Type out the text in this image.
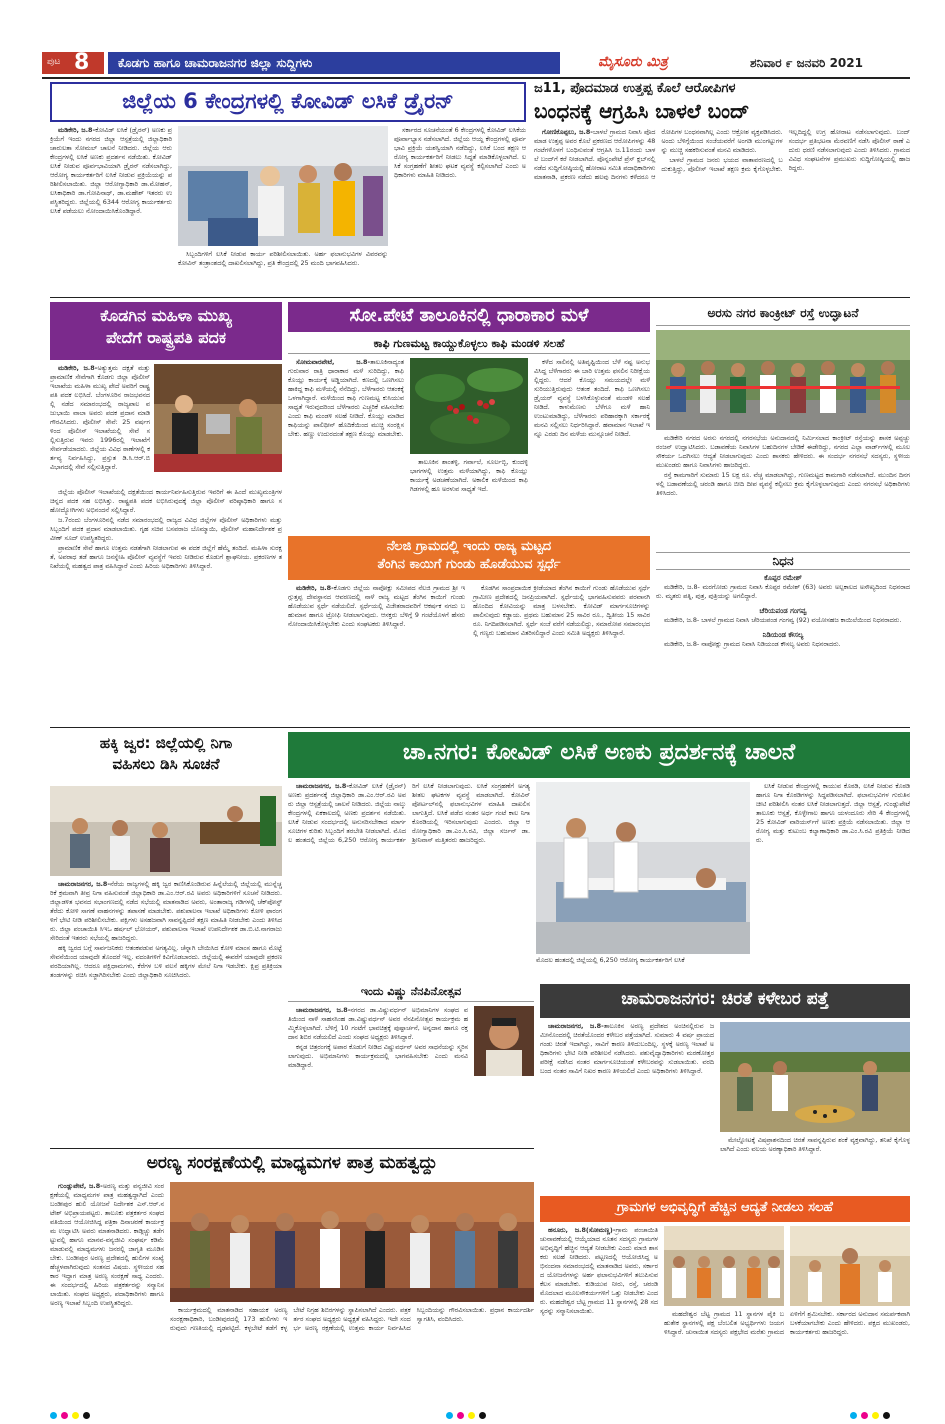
ಪುಟ 8 ಕೊಡಗು ಹಾಗೂ ಚಾಮರಾಜನಗರ ಜಿಲ್ಲಾ ಸುದ್ದಿಗಳು	ಮೈಸೂರು ಮಿತ್ರ	ಶನಿವಾರ ೯ ಜನವರಿ 2021
ಜಿಲ್ಲೆಯ 6 ಕೇಂದ್ರಗಳಲ್ಲಿ ಕೋವಿಡ್ ಲಸಿಕೆ ಡ್ರೈರನ್

ಮಡಿಕೇರಿ, ಜ.8-ಕೋವಿಡ್ ಲಸಿಕೆ (ಡ್ರೈರನ್) ಅಣಕು ಪ್ರಕ್ರಿಯೆಗೆ ಇಂದು ನಗರದ ಜಿಲ್ಲಾ ಆಸ್ಪತ್ರೆಯಲ್ಲಿ ಜಿಲ್ಲಾಧಿಕಾರಿ ಚಾರುಲತಾ ಸೋಮಲ್ ಚಾಲನೆ ನೀಡಿದರು. ಜಿಲ್ಲೆಯ ಆರು ಕೇಂದ್ರಗಳಲ್ಲಿ ಲಸಿಕೆ ಅಣಕು ಪ್ರದರ್ಶನ ನಡೆಯಿತು. ಕೋವಿಡ್ ಲಸಿಕೆ ನೀಡುವ ಪೂರ್ವಭಾವಿಯಾಗಿ ಡ್ರೈರನ್ ನಡೆಸಲಾಗಿದ್ದು, ಆರೋಗ್ಯ ಕಾರ್ಯಕರ್ತರಿಗೆ ಲಸಿಕೆ ನೀಡುವ ಪ್ರಕ್ರಿಯೆಯನ್ನು ಪರಿಶೀಲಿಸಲಾಯಿತು. ಜಿಲ್ಲಾ ಆರೋಗ್ಯಾಧಿಕಾರಿ ಡಾ.ಮೋಹನ್, ಲಸಿಕಾಧಿಕಾರಿ ಡಾ.ಗೋಪಿನಾಥ್, ಡಾ.ಮಹೇಶ್ ಇತರರು ಉಪಸ್ಥಿತರಿದ್ದರು. ಜಿಲ್ಲೆಯಲ್ಲಿ 6344 ಆರೋಗ್ಯ ಕಾರ್ಯಕರ್ತರು ಲಸಿಕೆ ಪಡೆಯಲು ನೋಂದಾಯಿಸಿಕೊಂಡಿದ್ದಾರೆ.

ಸಿಬ್ಬಂದಿಗಳಿಗೆ ಲಸಿಕೆ ನೀಡುವ ಕಾರ್ಯ ಪರಿಶೀಲಿಸಲಾಯಿತು. ಅರ್ಹ ಫಲಾನುಭವಿಗಳ ವಿವರವನ್ನು ಕೋವಿನ್ ತಂತ್ರಾಂಶದಲ್ಲಿ ದಾಖಲಿಸಲಾಗಿದ್ದು, ಪ್ರತಿ ಕೇಂದ್ರದಲ್ಲಿ 25 ಮಂದಿ ಭಾಗವಹಿಸಿದರು.

ಸರ್ಕಾರದ ಸೂಚನೆಯಂತೆ 6 ಕೇಂದ್ರಗಳಲ್ಲಿ ಕೋವಿಡ್ ಲಸಿಕೆಯ ಪೂರ್ವಾಭ್ಯಾಸ ನಡೆಸಲಾಗಿದೆ. ಜಿಲ್ಲೆಯ ಆಯ್ದ ಕೇಂದ್ರಗಳಲ್ಲಿ ಪೂರ್ವಭಾವಿ ಪ್ರಕ್ರಿಯೆ ಯಶಸ್ವಿಯಾಗಿ ನಡೆದಿದ್ದು, ಲಸಿಕೆ ಬಂದ ತಕ್ಷಣ ಆರೋಗ್ಯ ಕಾರ್ಯಕರ್ತರಿಗೆ ನೀಡಲು ಸಿದ್ಧತೆ ಮಾಡಿಕೊಳ್ಳಲಾಗಿದೆ. ಲಸಿಕೆ ಸಂಗ್ರಹಣೆಗೆ ಶೀತಲ ಘಟಕ ವ್ಯವಸ್ಥೆ ಕಲ್ಪಿಸಲಾಗಿದೆ ಎಂದು ಅಧಿಕಾರಿಗಳು ಮಾಹಿತಿ ನೀಡಿದರು.

ಜ11, ಪೊದಮಾಡ ಉತ್ತಪ್ಪ ಕೊಲೆ ಆರೋಪಿಗಳ
ಬಂಧನಕ್ಕೆ ಆಗ್ರಹಿಸಿ ಬಾಳಲೆ ಬಂದ್

ಗೋಣಿಕೊಪ್ಪಲು, ಜ.8-ಬಾಳಲೆ ಗ್ರಾಮದ ನಿವಾಸಿ ಪೊದಮಾಡ ಉತ್ತಪ್ಪ ಅವರ ಕೊಲೆ ಪ್ರಕರಣದ ಆರೋಪಿಗಳನ್ನು 48 ಗಂಟೆಗಳೊಳಗೆ ಬಂಧಿಸುವಂತೆ ಆಗ್ರಹಿಸಿ ಜ.11ರಂದು ಬಾಳಲೆ ಬಂದ್‌ಗೆ ಕರೆ ನೀಡಲಾಗಿದೆ. ಪೊನ್ನಂಪೇಟೆ ಪ್ರೆಸ್ ಕ್ಲಬ್‌ನಲ್ಲಿ ನಡೆದ ಸುದ್ದಿಗೋಷ್ಠಿಯಲ್ಲಿ ಹೋರಾಟ ಸಮಿತಿ ಪದಾಧಿಕಾರಿಗಳು ಮಾತನಾಡಿ, ಪ್ರಕರಣ ನಡೆದು ಹಲವು ದಿನಗಳು ಕಳೆದರೂ ಆರೋಪಿಗಳ ಬಂಧನವಾಗಿಲ್ಲ ಎಂದು ಆಕ್ರೋಶ ವ್ಯಕ್ತಪಡಿಸಿದರು. ಅಂದು ಬೆಳಿಗ್ಗೆಯಿಂದ ಸಂಜೆಯವರೆಗೆ ಅಂಗಡಿ ಮುಂಗಟ್ಟುಗಳನ್ನು ಮುಚ್ಚಿ ಸಹಕರಿಸುವಂತೆ ಮನವಿ ಮಾಡಿದರು.

ಬಾಳಲೆ ಗ್ರಾಮದ ಜನರು ಭಯದ ವಾತಾವರಣದಲ್ಲಿ ಬದುಕುತ್ತಿದ್ದು, ಪೊಲೀಸ್ ಇಲಾಖೆ ತಕ್ಷಣ ಕ್ರಮ ಕೈಗೊಳ್ಳಬೇಕು. ಇಲ್ಲದಿದ್ದಲ್ಲಿ ಉಗ್ರ ಹೋರಾಟ ನಡೆಸಲಾಗುವುದು. ಬಂದ್ ಸಂದರ್ಭ ಪ್ರತಿಭಟನಾ ಮೆರವಣಿಗೆ ನಡೆಸಿ ಪೊಲೀಸ್ ಠಾಣೆ ಎದುರು ಧರಣಿ ನಡೆಸಲಾಗುವುದು ಎಂದು ತಿಳಿಸಿದರು. ಗ್ರಾಮದ ವಿವಿಧ ಸಂಘಟನೆಗಳ ಪ್ರಮುಖರು ಸುದ್ದಿಗೋಷ್ಠಿಯಲ್ಲಿ ಹಾಜರಿದ್ದರು.

ಕೊಡಗಿನ ಮಹಿಳಾ ಮುಖ್ಯ
ಪೇದೆಗೆ ರಾಷ್ಟ್ರಪತಿ ಪದಕ

ಮಡಿಕೇರಿ, ಜ.8-ಅತ್ಯುತ್ತಮ ದಕ್ಷತೆ ಮತ್ತು ಪ್ರಾಮಾಣಿಕ ಸೇವೆಗಾಗಿ ಕೊಡಗು ಜಿಲ್ಲಾ ಪೊಲೀಸ್ ಇಲಾಖೆಯ ಮಹಿಳಾ ಮುಖ್ಯ ಪೇದೆ ಅವರಿಗೆ ರಾಷ್ಟ್ರಪತಿ ಪದಕ ಲಭಿಸಿದೆ. ಬೆಂಗಳೂರಿನ ರಾಜಭವನದಲ್ಲಿ ನಡೆದ ಸಮಾರಂಭದಲ್ಲಿ ರಾಜ್ಯಪಾಲ ವಜುಭಾಯಿ ವಾಲಾ ಅವರು ಪದಕ ಪ್ರದಾನ ಮಾಡಿ ಗೌರವಿಸಿದರು. ಪೊಲೀಸ್ ಸೇವೆ: 25 ವರ್ಷಗಳಿಂದ ಪೊಲೀಸ್ ಇಲಾಖೆಯಲ್ಲಿ ಸೇವೆ ಸಲ್ಲಿಸುತ್ತಿರುವ ಇವರು 1996ರಲ್ಲಿ ಇಲಾಖೆಗೆ ಸೇರ್ಪಡೆಯಾದರು. ಜಿಲ್ಲೆಯ ವಿವಿಧ ಠಾಣೆಗಳಲ್ಲಿ ಕರ್ತವ್ಯ ನಿರ್ವಹಿಸಿದ್ದು, ಪ್ರಸ್ತುತ ಡಿ.ಸಿ.ಆರ್.ಬಿ ವಿಭಾಗದಲ್ಲಿ ಸೇವೆ ಸಲ್ಲಿಸುತ್ತಿದ್ದಾರೆ.

ಜಿಲ್ಲೆಯ ಪೊಲೀಸ್ ಇಲಾಖೆಯಲ್ಲಿ ದಕ್ಷತೆಯಿಂದ ಕಾರ್ಯನಿರ್ವಹಿಸುತ್ತಿರುವ ಇವರಿಗೆ ಈ ಹಿಂದೆ ಮುಖ್ಯಮಂತ್ರಿಗಳ ಚಿನ್ನದ ಪದಕ ಸಹ ಲಭಿಸಿತ್ತು. ರಾಷ್ಟ್ರಪತಿ ಪದಕ ಲಭಿಸಿರುವುದಕ್ಕೆ ಜಿಲ್ಲಾ ಪೊಲೀಸ್ ವರಿಷ್ಠಾಧಿಕಾರಿ ಹಾಗೂ ಸಹೋದ್ಯೋಗಿಗಳು ಅಭಿನಂದನೆ ಸಲ್ಲಿಸಿದ್ದಾರೆ.

ಜ.7ರಂದು ಬೆಂಗಳೂರಿನಲ್ಲಿ ನಡೆದ ಸಮಾರಂಭದಲ್ಲಿ ರಾಜ್ಯದ ವಿವಿಧ ಜಿಲ್ಲೆಗಳ ಪೊಲೀಸ್ ಅಧಿಕಾರಿಗಳು ಮತ್ತು ಸಿಬ್ಬಂದಿಗೆ ಪದಕ ಪ್ರದಾನ ಮಾಡಲಾಯಿತು. ಗೃಹ ಸಚಿವ ಬಸವರಾಜ ಬೊಮ್ಮಾಯಿ, ಪೊಲೀಸ್ ಮಹಾನಿರ್ದೇಶಕ ಪ್ರವೀಣ್ ಸೂದ್ ಉಪಸ್ಥಿತರಿದ್ದರು.

ಪ್ರಾಮಾಣಿಕ ಸೇವೆ ಹಾಗೂ ಉತ್ತಮ ನಡತೆಗಾಗಿ ನೀಡಲಾಗುವ ಈ ಪದಕ ಜಿಲ್ಲೆಗೆ ಹೆಮ್ಮೆ ತಂದಿದೆ. ಮಹಿಳಾ ಸುರಕ್ಷತೆ, ಅಪರಾಧ ತಡೆ ಹಾಗೂ ಜನಸ್ನೇಹಿ ಪೊಲೀಸ್ ವ್ಯವಸ್ಥೆಗೆ ಇವರು ನೀಡಿರುವ ಕೊಡುಗೆ ಶ್ಲಾಘನೀಯ. ಪ್ರಕರಣಗಳ ತನಿಖೆಯಲ್ಲಿ ಮಹತ್ವದ ಪಾತ್ರ ವಹಿಸಿದ್ದಾರೆ ಎಂದು ಹಿರಿಯ ಅಧಿಕಾರಿಗಳು ತಿಳಿಸಿದ್ದಾರೆ.

ಸೋ.ಪೇಟೆ ತಾಲೂಕಿನಲ್ಲಿ ಧಾರಾಕಾರ ಮಳೆ
ಕಾಫಿ ಗುಣಮಟ್ಟ ಕಾಯ್ದುಕೊಳ್ಳಲು ಕಾಫಿ ಮಂಡಳಿ ಸಲಹೆ

ಸೋಮವಾರಪೇಟೆ, ಜ.8-ತಾಲೂಕಿನಾದ್ಯಂತ ಗುರುವಾರ ರಾತ್ರಿ ಧಾರಾಕಾರ ಮಳೆ ಸುರಿದಿದ್ದು, ಕಾಫಿ ಕೊಯ್ಲು ಕಾರ್ಯಕ್ಕೆ ಅಡ್ಡಿಯಾಗಿದೆ. ಕಣದಲ್ಲಿ ಒಣಗಿಸಲು ಹಾಕಿದ್ದ ಕಾಫಿ ಮಳೆಯಲ್ಲಿ ನೆನೆದಿದ್ದು, ಬೆಳೆಗಾರರು ಆತಂಕಕ್ಕೆ ಒಳಗಾಗಿದ್ದಾರೆ. ಮಳೆಯಿಂದ ಕಾಫಿ ಗುಣಮಟ್ಟ ಕುಸಿಯುವ ಸಾಧ್ಯತೆ ಇರುವುದರಿಂದ ಬೆಳೆಗಾರರು ಎಚ್ಚರಿಕೆ ವಹಿಸಬೇಕು ಎಂದು ಕಾಫಿ ಮಂಡಳಿ ಸಲಹೆ ನೀಡಿದೆ. ಕೊಯ್ಲು ಮಾಡಿದ ಕಾಫಿಯನ್ನು ಪಾಲಿಥೀನ್ ಹೊದಿಕೆಯಿಂದ ಮುಚ್ಚಿ ಸಂರಕ್ಷಿಸಬೇಕು. ಹಣ್ಣು ಉದುರದಂತೆ ತಕ್ಷಣ ಕೊಯ್ಲು ಮಾಡಬೇಕು.

ತಾಲೂಕಿನ ಶಾಂತಳ್ಳಿ, ಗರ್ವಾಲೆ, ಸೂರ್ಲಬ್ಬಿ, ಕುಂದಳ್ಳಿ ಭಾಗಗಳಲ್ಲಿ ಉತ್ತಮ ಮಳೆಯಾಗಿದ್ದು, ಕಾಫಿ ಕೊಯ್ಲು ಕಾರ್ಯಕ್ಕೆ ಅಡಚಣೆಯಾಗಿದೆ. ಅಕಾಲಿಕ ಮಳೆಯಿಂದ ಕಾಫಿ ಗಿಡಗಳಲ್ಲಿ ಹೂ ಅರಳುವ ಸಾಧ್ಯತೆ ಇದೆ.

ಕಳೆದ ಸಾಲಿನಲ್ಲಿ ಅತಿವೃಷ್ಟಿಯಿಂದ ಬೆಳೆ ನಷ್ಟ ಅನುಭವಿಸಿದ್ದ ಬೆಳೆಗಾರರು ಈ ಬಾರಿ ಉತ್ತಮ ಫಸಲಿನ ನಿರೀಕ್ಷೆಯಲ್ಲಿದ್ದರು. ಆದರೆ ಕೊಯ್ಲು ಸಮಯದಲ್ಲೇ ಮಳೆ ಸುರಿಯುತ್ತಿರುವುದು ಆತಂಕ ತಂದಿದೆ. ಕಾಫಿ ಒಣಗಿಸಲು ಡ್ರೈಯರ್ ವ್ಯವಸ್ಥೆ ಬಳಸಿಕೊಳ್ಳುವಂತೆ ಮಂಡಳಿ ಸಲಹೆ ನೀಡಿದೆ. ಕಾಳುಮೆಣಸು ಬೆಳೆಗೂ ಮಳೆ ಹಾನಿ ಉಂಟುಮಾಡಿದ್ದು, ಬೆಳೆಗಾರರು ಪರಿಹಾರಕ್ಕಾಗಿ ಸರ್ಕಾರಕ್ಕೆ ಮನವಿ ಸಲ್ಲಿಸಲು ನಿರ್ಧರಿಸಿದ್ದಾರೆ. ಹವಾಮಾನ ಇಲಾಖೆ ಇನ್ನೂ ಎರಡು ದಿನ ಮಳೆಯ ಮುನ್ಸೂಚನೆ ನೀಡಿದೆ.

ನೆಲಜಿ ಗ್ರಾಮದಲ್ಲಿ ಇಂದು ರಾಜ್ಯ ಮಟ್ಟದ
ತೆಂಗಿನ ಕಾಯಿಗೆ ಗುಂಡು ಹೊಡೆಯುವ ಸ್ಪರ್ಧೆ

ಮಡಿಕೇರಿ, ಜ.8-ಕೊಡಗು ಜಿಲ್ಲೆಯ ನಾಪೋಕ್ಲು ಸಮೀಪದ ನೆಲಜಿ ಗ್ರಾಮದ ಶ್ರೀ ಇಗ್ಗುತ್ತಪ್ಪ ದೇವಸ್ಥಾನದ ಆವರಣದಲ್ಲಿ ನಾಳೆ ರಾಜ್ಯ ಮಟ್ಟದ ತೆಂಗಿನ ಕಾಯಿಗೆ ಗುಂಡು ಹೊಡೆಯುವ ಸ್ಪರ್ಧೆ ನಡೆಯಲಿದೆ. ಸ್ಪರ್ಧೆಯಲ್ಲಿ ವಿಜೇತರಾದವರಿಗೆ ಆಕರ್ಷಕ ನಗದು ಬಹುಮಾನ ಹಾಗೂ ಟ್ರೋಫಿ ನೀಡಲಾಗುವುದು. ಆಸಕ್ತರು ಬೆಳಿಗ್ಗೆ 9 ಗಂಟೆಯೊಳಗೆ ಹೆಸರು ನೋಂದಾಯಿಸಿಕೊಳ್ಳಬೇಕು ಎಂದು ಸಂಘಟಕರು ತಿಳಿಸಿದ್ದಾರೆ.

ಕೊಡಗಿನ ಸಾಂಪ್ರದಾಯಿಕ ಕ್ರೀಡೆಯಾದ ತೆಂಗಿನ ಕಾಯಿಗೆ ಗುಂಡು ಹೊಡೆಯುವ ಸ್ಪರ್ಧೆ ಗ್ರಾಮೀಣ ಪ್ರದೇಶದಲ್ಲಿ ಜನಪ್ರಿಯವಾಗಿದೆ. ಸ್ಪರ್ಧೆಯಲ್ಲಿ ಭಾಗವಹಿಸುವವರು ಪರವಾನಗಿ ಹೊಂದಿದ ಕೋವಿಯನ್ನು ಮಾತ್ರ ಬಳಸಬೇಕು. ಕೋವಿಡ್ ಮಾರ್ಗಸೂಚಿಗಳನ್ನು ಪಾಲಿಸುವುದು ಕಡ್ಡಾಯ. ಪ್ರಥಮ ಬಹುಮಾನ 25 ಸಾವಿರ ರೂ., ದ್ವಿತೀಯ 15 ಸಾವಿರ ರೂ. ನಿಗದಿಪಡಿಸಲಾಗಿದೆ. ಸ್ಪರ್ಧೆ ಸಂಜೆ ವರೆಗೆ ನಡೆಯಲಿದ್ದು, ಸಮಾರೋಪ ಸಮಾರಂಭದಲ್ಲಿ ಗಣ್ಯರು ಬಹುಮಾನ ವಿತರಿಸಲಿದ್ದಾರೆ ಎಂದು ಸಮಿತಿ ಅಧ್ಯಕ್ಷರು ತಿಳಿಸಿದ್ದಾರೆ.

ಅರಸು ನಗರ ಕಾಂಕ್ರೀಟ್ ರಸ್ತೆ ಉದ್ಘಾಟನೆ

ಮಡಿಕೇರಿ ನಗರದ ಅರಸು ನಗರದಲ್ಲಿ ನಗರಸಭೆಯ ಅನುದಾನದಲ್ಲಿ ನಿರ್ಮಿಸಲಾದ ಕಾಂಕ್ರೀಟ್ ರಸ್ತೆಯನ್ನು ಶಾಸಕ ಅಪ್ಪಚ್ಚು ರಂಜನ್ ಉದ್ಘಾಟಿಸಿದರು. ಬಡಾವಣೆಯ ನಿವಾಸಿಗಳ ಬಹುದಿನಗಳ ಬೇಡಿಕೆ ಈಡೇರಿದ್ದು, ನಗರದ ಎಲ್ಲಾ ವಾರ್ಡ್‌ಗಳಲ್ಲಿ ಮೂಲಸೌಕರ್ಯ ಒದಗಿಸಲು ಆದ್ಯತೆ ನೀಡಲಾಗುವುದು ಎಂದು ಶಾಸಕರು ಹೇಳಿದರು. ಈ ಸಂದರ್ಭ ನಗರಸಭೆ ಸದಸ್ಯರು, ಸ್ಥಳೀಯ ಮುಖಂಡರು ಹಾಗೂ ನಿವಾಸಿಗಳು ಹಾಜರಿದ್ದರು.

ರಸ್ತೆ ಕಾಮಗಾರಿಗೆ ಸುಮಾರು 15 ಲಕ್ಷ ರೂ. ವೆಚ್ಚ ಮಾಡಲಾಗಿದ್ದು, ಗುಣಮಟ್ಟದ ಕಾಮಗಾರಿ ನಡೆಸಲಾಗಿದೆ. ಮುಂದಿನ ದಿನಗಳಲ್ಲಿ ಬಡಾವಣೆಯಲ್ಲಿ ಚರಂಡಿ ಹಾಗೂ ಬೀದಿ ದೀಪ ವ್ಯವಸ್ಥೆ ಕಲ್ಪಿಸಲು ಕ್ರಮ ಕೈಗೊಳ್ಳಲಾಗುವುದು ಎಂದು ನಗರಸಭೆ ಅಧಿಕಾರಿಗಳು ತಿಳಿಸಿದರು.

ನಿಧನ
ಕೊಪ್ಪರ ರಮೇಶ್

ಮಡಿಕೇರಿ, ಜ.8- ಮರಗೋಡು ಗ್ರಾಮದ ನಿವಾಸಿ ಕೊಪ್ಪರ ರಮೇಶ್ (63) ಅವರು ಅಲ್ಪಕಾಲದ ಅಸೌಖ್ಯದಿಂದ ನಿಧನರಾದರು. ಮೃತರು ಪತ್ನಿ, ಪುತ್ರ, ಪುತ್ರಿಯನ್ನು ಅಗಲಿದ್ದಾರೆ.

ಚೆರಿಯಪಂಡ ಗಂಗವ್ವ

ಮಡಿಕೇರಿ, ಜ.8- ಬಾಳಲೆ ಗ್ರಾಮದ ನಿವಾಸಿ ಚೆರಿಯಪಂಡ ಗಂಗವ್ವ (92) ವಯೋಸಹಜ ಕಾಯಿಲೆಯಿಂದ ನಿಧನರಾದರು.

ನಿಡಿಯಂಡ ಕೌಸಲ್ಯ

ಮಡಿಕೇರಿ, ಜ.8- ನಾಪೋಕ್ಲು ಗ್ರಾಮದ ನಿವಾಸಿ ನಿಡಿಯಂಡ ಕೌಸಲ್ಯ ಅವರು ನಿಧನರಾದರು.

ಹಕ್ಕಿ ಜ್ವರ: ಜಿಲ್ಲೆಯಲ್ಲಿ ನಿಗಾ
ವಹಿಸಲು ಡಿಸಿ ಸೂಚನೆ

ಚಾಮರಾಜನಗರ, ಜ.8-ನೆರೆಯ ರಾಜ್ಯಗಳಲ್ಲಿ ಹಕ್ಕಿ ಜ್ವರ ಕಾಣಿಸಿಕೊಂಡಿರುವ ಹಿನ್ನೆಲೆಯಲ್ಲಿ ಜಿಲ್ಲೆಯಲ್ಲಿ ಮುನ್ನೆಚ್ಚರಿಕೆ ಕ್ರಮವಾಗಿ ತೀವ್ರ ನಿಗಾ ವಹಿಸುವಂತೆ ಜಿಲ್ಲಾಧಿಕಾರಿ ಡಾ.ಎಂ.ಆರ್.ರವಿ ಅವರು ಅಧಿಕಾರಿಗಳಿಗೆ ಸೂಚನೆ ನೀಡಿದರು. ಜಿಲ್ಲಾಡಳಿತ ಭವನದ ಸಭಾಂಗಣದಲ್ಲಿ ನಡೆದ ಸಭೆಯಲ್ಲಿ ಮಾತನಾಡಿದ ಅವರು, ಅಂತಾರಾಜ್ಯ ಗಡಿಗಳಲ್ಲಿ ಚೆಕ್‌ಪೋಸ್ಟ್ ತೆರೆದು ಕೋಳಿ ಸಾಗಣೆ ವಾಹನಗಳನ್ನು ತಪಾಸಣೆ ಮಾಡಬೇಕು. ಪಶುಪಾಲನಾ ಇಲಾಖೆ ಅಧಿಕಾರಿಗಳು ಕೋಳಿ ಫಾರಂಗಳಿಗೆ ಭೇಟಿ ನೀಡಿ ಪರಿಶೀಲಿಸಬೇಕು. ಪಕ್ಷಿಗಳು ಅಸಹಜವಾಗಿ ಸಾವನ್ನಪ್ಪಿದರೆ ತಕ್ಷಣ ಮಾಹಿತಿ ನೀಡಬೇಕು ಎಂದು ತಿಳಿಸಿದರು. ಜಿಲ್ಲಾ ಪಂಚಾಯಿತಿ ಸಿಇಒ ಹರ್ಷಲ್ ಭೋಯರ್, ಪಶುಪಾಲನಾ ಇಲಾಖೆ ಉಪನಿರ್ದೇಶಕ ಡಾ.ಬಿ.ಟಿ.ನಾಗರಾಜು ಸೇರಿದಂತೆ ಇತರರು ಸಭೆಯಲ್ಲಿ ಹಾಜರಿದ್ದರು.

ಹಕ್ಕಿ ಜ್ವರದ ಬಗ್ಗೆ ಸಾರ್ವಜನಿಕರು ಆತಂಕಪಡುವ ಅಗತ್ಯವಿಲ್ಲ. ಚೆನ್ನಾಗಿ ಬೇಯಿಸಿದ ಕೋಳಿ ಮಾಂಸ ಹಾಗೂ ಮೊಟ್ಟೆ ಸೇವನೆಯಿಂದ ಯಾವುದೇ ತೊಂದರೆ ಇಲ್ಲ. ವದಂತಿಗಳಿಗೆ ಕಿವಿಗೊಡಬಾರದು. ಜಿಲ್ಲೆಯಲ್ಲಿ ಈವರೆಗೆ ಯಾವುದೇ ಪ್ರಕರಣ ವರದಿಯಾಗಿಲ್ಲ. ಆದರೂ ಪಕ್ಷಿಧಾಮಗಳು, ಕೆರೆಗಳ ಬಳಿ ವಲಸೆ ಹಕ್ಕಿಗಳ ಮೇಲೆ ನಿಗಾ ಇಡಬೇಕು. ಕ್ಷಿಪ್ರ ಪ್ರತಿಕ್ರಿಯಾ ತಂಡಗಳನ್ನು ರಚಿಸಿ ಸಜ್ಜಾಗಿರಿಸಬೇಕು ಎಂದು ಜಿಲ್ಲಾಧಿಕಾರಿ ಸೂಚಿಸಿದರು.

ಚಾ.ನಗರ: ಕೋವಿಡ್ ಲಸಿಕೆ ಅಣಕು ಪ್ರದರ್ಶನಕ್ಕೆ ಚಾಲನೆ

ಚಾಮರಾಜನಗರ, ಜ.8-ಕೋವಿಡ್ ಲಸಿಕೆ (ಡ್ರೈರನ್) ಅಣಕು ಪ್ರದರ್ಶನಕ್ಕೆ ಜಿಲ್ಲಾಧಿಕಾರಿ ಡಾ.ಎಂ.ಆರ್.ರವಿ ಅವರು ಜಿಲ್ಲಾ ಆಸ್ಪತ್ರೆಯಲ್ಲಿ ಚಾಲನೆ ನೀಡಿದರು. ಜಿಲ್ಲೆಯ ನಾಲ್ಕು ಕೇಂದ್ರಗಳಲ್ಲಿ ಏಕಕಾಲದಲ್ಲಿ ಅಣಕು ಪ್ರದರ್ಶನ ನಡೆಯಿತು. ಲಸಿಕೆ ನೀಡುವ ಸಂದರ್ಭದಲ್ಲಿ ಅನುಸರಿಸಬೇಕಾದ ಮಾರ್ಗಸೂಚಿಗಳ ಕುರಿತು ಸಿಬ್ಬಂದಿಗೆ ತರಬೇತಿ ನೀಡಲಾಗಿದೆ. ಮೊದಲ ಹಂತದಲ್ಲಿ ಜಿಲ್ಲೆಯ 6,250 ಆರೋಗ್ಯ ಕಾರ್ಯಕರ್ತರಿಗೆ ಲಸಿಕೆ ನೀಡಲಾಗುವುದು. ಲಸಿಕೆ ಸಂಗ್ರಹಣೆಗೆ ಅಗತ್ಯ ಶೀತಲ ಘಟಕಗಳ ವ್ಯವಸ್ಥೆ ಮಾಡಲಾಗಿದೆ. ಕೋವಿನ್ ಪೋರ್ಟಲ್‌ನಲ್ಲಿ ಫಲಾನುಭವಿಗಳ ಮಾಹಿತಿ ದಾಖಲಿಸಲಾಗುತ್ತಿದೆ. ಲಸಿಕೆ ಪಡೆದ ನಂತರ ಅರ್ಧ ಗಂಟೆ ಕಾಲ ನಿಗಾ ಕೊಠಡಿಯಲ್ಲಿ ಇರಿಸಲಾಗುವುದು ಎಂದರು. ಜಿಲ್ಲಾ ಆರೋಗ್ಯಾಧಿಕಾರಿ ಡಾ.ಎಂ.ಸಿ.ರವಿ, ಜಿಲ್ಲಾ ಸರ್ಜನ್ ಡಾ.ಶ್ರೀನಿವಾಸ್ ಮತ್ತಿತರರು ಹಾಜರಿದ್ದರು.

ಮೊದಲ ಹಂತದಲ್ಲಿ ಜಿಲ್ಲೆಯಲ್ಲಿ 6,250 ಆರೋಗ್ಯ ಕಾರ್ಯಕರ್ತರಿಗೆ ಲಸಿಕೆ

ಲಸಿಕೆ ನೀಡುವ ಕೇಂದ್ರಗಳಲ್ಲಿ ಕಾಯುವ ಕೊಠಡಿ, ಲಸಿಕೆ ನೀಡುವ ಕೊಠಡಿ ಹಾಗೂ ನಿಗಾ ಕೊಠಡಿಗಳನ್ನು ಸಿದ್ಧಪಡಿಸಲಾಗಿದೆ. ಫಲಾನುಭವಿಗಳ ಗುರುತಿನ ಚೀಟಿ ಪರಿಶೀಲಿಸಿ ನಂತರ ಲಸಿಕೆ ನೀಡಲಾಗುತ್ತದೆ. ಜಿಲ್ಲಾ ಆಸ್ಪತ್ರೆ, ಗುಂಡ್ಲುಪೇಟೆ ತಾಲೂಕು ಆಸ್ಪತ್ರೆ, ಕೊಳ್ಳೇಗಾಲ ಹಾಗೂ ಯಳಂದೂರು ಸೇರಿ 4 ಕೇಂದ್ರಗಳಲ್ಲಿ 25 ಕೋವಿಡ್ ವಾರಿಯರ್ಸ್‌ಗೆ ಅಣಕು ಪ್ರಕ್ರಿಯೆ ನಡೆಸಲಾಯಿತು. ಜಿಲ್ಲಾ ಆರೋಗ್ಯ ಮತ್ತು ಕುಟುಂಬ ಕಲ್ಯಾಣಾಧಿಕಾರಿ ಡಾ.ಎಂ.ಸಿ.ರವಿ ಪ್ರತಿಕ್ರಿಯೆ ನೀಡಿದರು.

ಇಂದು ವಿಷ್ಣು ನೆನಪಿನೋತ್ಸವ

ಚಾಮರಾಜನಗರ, ಜ.8-ನಗರದ ಡಾ.ವಿಷ್ಣುವರ್ಧನ್ ಅಭಿಮಾನಿಗಳ ಸಂಘದ ವತಿಯಿಂದ ನಾಳೆ ಸಾಹಸಸಿಂಹ ಡಾ.ವಿಷ್ಣುವರ್ಧನ್ ಅವರ ನೆನಪಿನೋತ್ಸವ ಕಾರ್ಯಕ್ರಮ ಹಮ್ಮಿಕೊಳ್ಳಲಾಗಿದೆ. ಬೆಳಿಗ್ಗೆ 10 ಗಂಟೆಗೆ ಭಾವಚಿತ್ರಕ್ಕೆ ಪುಷ್ಪಾರ್ಚನೆ, ಅನ್ನದಾನ ಹಾಗೂ ರಕ್ತದಾನ ಶಿಬಿರ ನಡೆಯಲಿದೆ ಎಂದು ಸಂಘದ ಅಧ್ಯಕ್ಷರು ತಿಳಿಸಿದ್ದಾರೆ.

ಕನ್ನಡ ಚಿತ್ರರಂಗಕ್ಕೆ ಅಪಾರ ಕೊಡುಗೆ ನೀಡಿದ ವಿಷ್ಣುವರ್ಧನ್ ಅವರ ಸಾಧನೆಯನ್ನು ಸ್ಮರಿಸಲಾಗುವುದು. ಅಭಿಮಾನಿಗಳು ಕಾರ್ಯಕ್ರಮದಲ್ಲಿ ಭಾಗವಹಿಸಬೇಕು ಎಂದು ಮನವಿ ಮಾಡಿದ್ದಾರೆ.

ಚಾಮರಾಜನಗರ: ಚಿರತೆ ಕಳೇಬರ ಪತ್ತೆ

ಚಾಮರಾಜನಗರ, ಜ.8-ತಾಲೂಕಿನ ಅರಣ್ಯ ಪ್ರದೇಶದ ಅಂಚಿನಲ್ಲಿರುವ ಜಮೀನೊಂದರಲ್ಲಿ ಚಿರತೆಯೊಂದರ ಕಳೇಬರ ಪತ್ತೆಯಾಗಿದೆ. ಸುಮಾರು 4 ವರ್ಷ ಪ್ರಾಯದ ಗಂಡು ಚಿರತೆ ಇದಾಗಿದ್ದು, ಸಾವಿಗೆ ಕಾರಣ ತಿಳಿದುಬಂದಿಲ್ಲ. ಸ್ಥಳಕ್ಕೆ ಅರಣ್ಯ ಇಲಾಖೆ ಅಧಿಕಾರಿಗಳು ಭೇಟಿ ನೀಡಿ ಪರಿಶೀಲನೆ ನಡೆಸಿದರು. ಪಶುವೈದ್ಯಾಧಿಕಾರಿಗಳು ಮರಣೋತ್ತರ ಪರೀಕ್ಷೆ ನಡೆಸಿದ ನಂತರ ಮಾರ್ಗಸೂಚಿಯಂತೆ ಕಳೇಬರವನ್ನು ಸುಡಲಾಯಿತು. ವರದಿ ಬಂದ ನಂತರ ಸಾವಿಗೆ ನಿಖರ ಕಾರಣ ತಿಳಿಯಲಿದೆ ಎಂದು ಅಧಿಕಾರಿಗಳು ತಿಳಿಸಿದ್ದಾರೆ.

ಮೇಲ್ನೋಟಕ್ಕೆ ವಿಷಪ್ರಾಶನದಿಂದ ಚಿರತೆ ಸಾವನ್ನಪ್ಪಿರುವ ಶಂಕೆ ವ್ಯಕ್ತವಾಗಿದ್ದು, ತನಿಖೆ ಕೈಗೊಳ್ಳಲಾಗಿದೆ ಎಂದು ವಲಯ ಅರಣ್ಯಾಧಿಕಾರಿ ತಿಳಿಸಿದ್ದಾರೆ.

ಅರಣ್ಯ ಸಂರಕ್ಷಣೆಯಲ್ಲಿ ಮಾಧ್ಯಮಗಳ ಪಾತ್ರ ಮಹತ್ವದ್ದು

ಗುಂಡ್ಲುಪೇಟೆ, ಜ.8-ಅರಣ್ಯ ಮತ್ತು ವನ್ಯಜೀವಿ ಸಂರಕ್ಷಣೆಯಲ್ಲಿ ಮಾಧ್ಯಮಗಳ ಪಾತ್ರ ಮಹತ್ವದ್ದಾಗಿದೆ ಎಂದು ಬಂಡೀಪುರ ಹುಲಿ ಯೋಜನೆ ನಿರ್ದೇಶಕ ಎಸ್.ಆರ್.ನಟೇಶ್ ಅಭಿಪ್ರಾಯಪಟ್ಟರು. ತಾಲೂಕು ಪತ್ರಕರ್ತರ ಸಂಘದ ವತಿಯಿಂದ ಆಯೋಜಿಸಿದ್ದ ಪತ್ರಿಕಾ ದಿನಾಚರಣೆ ಕಾರ್ಯಕ್ರಮ ಉದ್ಘಾಟಿಸಿ ಅವರು ಮಾತನಾಡಿದರು. ಕಾಡ್ಗಿಚ್ಚು ತಡೆಗಟ್ಟುವಲ್ಲಿ ಹಾಗೂ ಮಾನವ-ವನ್ಯಜೀವಿ ಸಂಘರ್ಷ ಕಡಿಮೆ ಮಾಡುವಲ್ಲಿ ಮಾಧ್ಯಮಗಳು ಜನರಲ್ಲಿ ಜಾಗೃತಿ ಮೂಡಿಸಬೇಕು. ಬಂಡೀಪುರ ಅರಣ್ಯ ಪ್ರದೇಶದಲ್ಲಿ ಹುಲಿಗಳ ಸಂಖ್ಯೆ ಹೆಚ್ಚಳವಾಗಿರುವುದು ಸಂತಸದ ವಿಷಯ. ಸ್ಥಳೀಯರ ಸಹಕಾರ ಇದ್ದಾಗ ಮಾತ್ರ ಅರಣ್ಯ ಸಂರಕ್ಷಣೆ ಸಾಧ್ಯ ಎಂದರು. ಈ ಸಂದರ್ಭದಲ್ಲಿ ಹಿರಿಯ ಪತ್ರಕರ್ತರನ್ನು ಸನ್ಮಾನಿಸಲಾಯಿತು. ಸಂಘದ ಅಧ್ಯಕ್ಷರು, ಪದಾಧಿಕಾರಿಗಳು ಹಾಗೂ ಅರಣ್ಯ ಇಲಾಖೆ ಸಿಬ್ಬಂದಿ ಉಪಸ್ಥಿತರಿದ್ದರು.

ಕಾರ್ಯಕ್ರಮದಲ್ಲಿ ಮಾತನಾಡಿದ ಸಹಾಯಕ ಅರಣ್ಯ ಸಂರಕ್ಷಣಾಧಿಕಾರಿ, ಬಂಡೀಪುರದಲ್ಲಿ 173 ಹುಲಿಗಳು ಇರುವುದು ಗಣತಿಯಲ್ಲಿ ದೃಢಪಟ್ಟಿದೆ. ಕಳ್ಳಬೇಟೆ ತಡೆಗೆ ಕಳ್ಳಬೇಟೆ ನಿಗ್ರಹ ಶಿಬಿರಗಳನ್ನು ಸ್ಥಾಪಿಸಲಾಗಿದೆ ಎಂದರು. ಪತ್ರಕರ್ತರ ಸಂಘದ ಅಧ್ಯಕ್ಷರು ಅಧ್ಯಕ್ಷತೆ ವಹಿಸಿದ್ದರು. ಇದೇ ಸಂದರ್ಭ ಅರಣ್ಯ ರಕ್ಷಣೆಯಲ್ಲಿ ಉತ್ತಮ ಕಾರ್ಯ ನಿರ್ವಹಿಸಿದ ಸಿಬ್ಬಂದಿಯನ್ನು ಗೌರವಿಸಲಾಯಿತು. ಪ್ರಧಾನ ಕಾರ್ಯದರ್ಶಿ ಸ್ವಾಗತಿಸಿ, ವಂದಿಸಿದರು.

ಗ್ರಾಮಗಳ ಅಭಿವೃದ್ಧಿಗೆ ಹೆಚ್ಚಿನ ಆದ್ಯತೆ ನೀಡಲು ಸಲಹೆ

ಹನೂರು, ಜ.8(ಸೋಮಣ್ಣ)-ಗ್ರಾಮ ಪಂಚಾಯಿತಿ ಚುನಾವಣೆಯಲ್ಲಿ ಆಯ್ಕೆಯಾದ ನೂತನ ಸದಸ್ಯರು ಗ್ರಾಮಗಳ ಅಭಿವೃದ್ಧಿಗೆ ಹೆಚ್ಚಿನ ಆದ್ಯತೆ ನೀಡಬೇಕು ಎಂದು ಮಾಜಿ ಶಾಸಕರು ಸಲಹೆ ನೀಡಿದರು. ಪಟ್ಟಣದಲ್ಲಿ ಆಯೋಜಿಸಿದ್ದ ಅಭಿನಂದನಾ ಸಮಾರಂಭದಲ್ಲಿ ಮಾತನಾಡಿದ ಅವರು, ಸರ್ಕಾರದ ಯೋಜನೆಗಳನ್ನು ಅರ್ಹ ಫಲಾನುಭವಿಗಳಿಗೆ ತಲುಪಿಸುವ ಕೆಲಸ ಮಾಡಬೇಕು. ಕುಡಿಯುವ ನೀರು, ರಸ್ತೆ, ಚರಂಡಿ ಮೊದಲಾದ ಮೂಲಸೌಕರ್ಯಗಳಿಗೆ ಒತ್ತು ನೀಡಬೇಕು ಎಂದರು. ಮಹದೇಶ್ವರ ಬೆಟ್ಟ ಗ್ರಾಮದ 11 ಸ್ಥಾನಗಳಲ್ಲಿ 28 ಸದಸ್ಯರನ್ನು ಸನ್ಮಾನಿಸಲಾಯಿತು.	ಮಹದೇಶ್ವರ ಬೆಟ್ಟ ಗ್ರಾಮದ 11 ಸ್ಥಾನಗಳ ಪೈಕಿ ಬಹುತೇಕ ಸ್ಥಾನಗಳಲ್ಲಿ ಪಕ್ಷ ಬೆಂಬಲಿತ ಅಭ್ಯರ್ಥಿಗಳು ಜಯಗಳಿಸಿದ್ದಾರೆ. ಚುನಾಯಿತ ಸದಸ್ಯರು ಪಕ್ಷಭೇದ ಮರೆತು ಗ್ರಾಮದ ಏಳಿಗೆಗೆ ಶ್ರಮಿಸಬೇಕು. ಸರ್ಕಾರದ ಅನುದಾನ ಸಮರ್ಪಕವಾಗಿ ಬಳಕೆಯಾಗಬೇಕು ಎಂದು ಹೇಳಿದರು. ಪಕ್ಷದ ಮುಖಂಡರು, ಕಾರ್ಯಕರ್ತರು ಹಾಜರಿದ್ದರು.
